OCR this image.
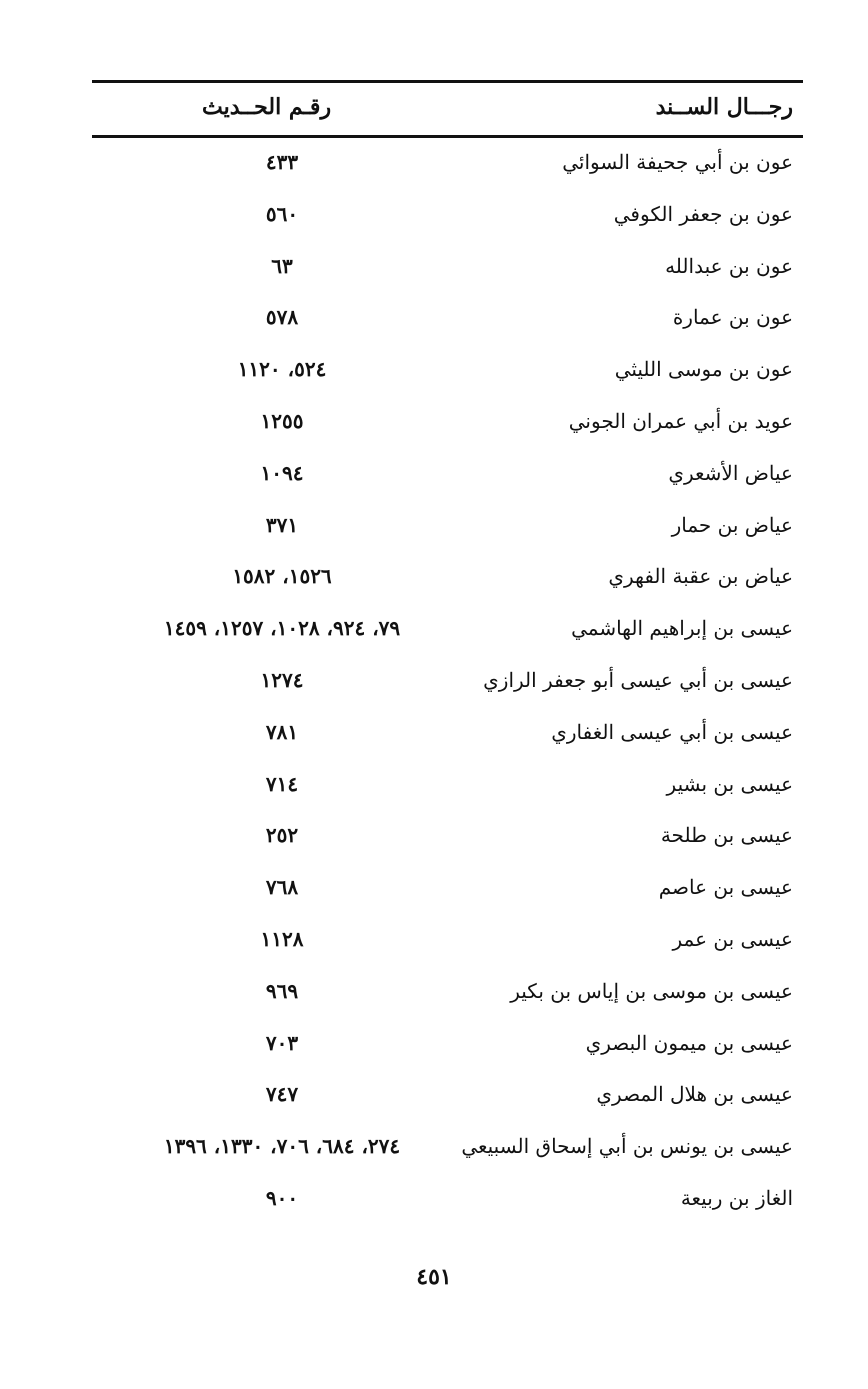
رجـــال الســند
رقـم الحــديث
عون بن أبي جحيفة السوائي
٤٣٣
عون بن جعفر الكوفي
٥٦٠
عون بن عبدالله
٦٣
عون بن عمارة
٥٧٨
عون بن موسى الليثي
٥٢٤، ١١٢٠
عويد بن أبي عمران الجوني
١٢٥٥
عياض الأشعري
١٠٩٤
عياض بن حمار
٣٧١
عياض بن عقبة الفهري
١٥٢٦، ١٥٨٢
عيسى بن إبراهيم الهاشمي
٧٩، ٩٢٤، ١٠٢٨، ١٢٥٧، ١٤٥٩
عيسى بن أبي عيسى أبو جعفر الرازي
١٢٧٤
عيسى بن أبي عيسى الغفاري
٧٨١
عيسى بن بشير
٧١٤
عيسى بن طلحة
٢٥٢
عيسى بن عاصم
٧٦٨
عيسى بن عمر
١١٢٨
عيسى بن موسى بن إياس بن بكير
٩٦٩
عيسى بن ميمون البصري
٧٠٣
عيسى بن هلال المصري
٧٤٧
عيسى بن يونس بن أبي إسحاق السبيعي
٢٧٤، ٦٨٤، ٧٠٦، ١٣٣٠، ١٣٩٦
الغاز بن ربيعة
٩٠٠
٤٥١
